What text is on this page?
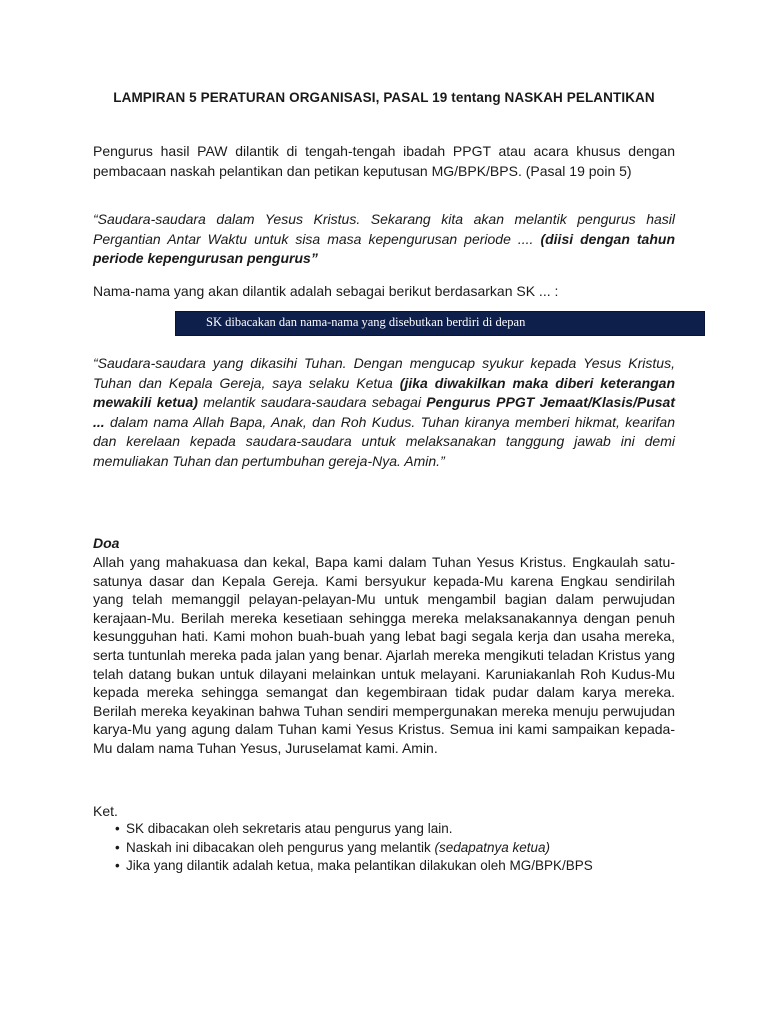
LAMPIRAN 5 PERATURAN ORGANISASI, PASAL 19 tentang NASKAH PELANTIKAN
Pengurus hasil PAW dilantik di tengah-tengah ibadah PPGT atau acara khusus dengan pembacaan naskah pelantikan dan petikan keputusan MG/BPK/BPS. (Pasal 19 poin 5)
“Saudara-saudara dalam Yesus Kristus. Sekarang kita akan melantik pengurus hasil Pergantian Antar Waktu untuk sisa masa kepengurusan periode .... (diisi dengan tahun periode kepengurusan pengurus”
Nama-nama yang akan dilantik adalah sebagai berikut berdasarkan SK ... :
SK dibacakan dan nama-nama yang disebutkan berdiri di depan
“Saudara-saudara yang dikasihi Tuhan. Dengan mengucap syukur kepada Yesus Kristus, Tuhan dan Kepala Gereja, saya selaku Ketua (jika diwakilkan maka diberi keterangan mewakili ketua) melantik saudara-saudara sebagai Pengurus PPGT Jemaat/Klasis/Pusat ... dalam nama Allah Bapa, Anak, dan Roh Kudus. Tuhan kiranya memberi hikmat, kearifan dan kerelaan kepada saudara-saudara untuk melaksanakan tanggung jawab ini demi memuliakan Tuhan dan pertumbuhan gereja-Nya. Amin.”
Doa
Allah yang mahakuasa dan kekal, Bapa kami dalam Tuhan Yesus Kristus. Engkaulah satu-satunya dasar dan Kepala Gereja. Kami bersyukur kepada-Mu karena Engkau sendirilah yang telah memanggil pelayan-pelayan-Mu untuk mengambil bagian dalam perwujudan kerajaan-Mu. Berilah mereka kesetiaan sehingga mereka melaksanakannya dengan penuh kesungguhan hati. Kami mohon buah-buah yang lebat bagi segala kerja dan usaha mereka, serta tuntunlah mereka pada jalan yang benar. Ajarlah mereka mengikuti teladan Kristus yang telah datang bukan untuk dilayani melainkan untuk melayani. Karuniakanlah Roh Kudus-Mu kepada mereka sehingga semangat dan kegembiraan tidak pudar dalam karya mereka. Berilah mereka keyakinan bahwa Tuhan sendiri mempergunakan mereka menuju perwujudan karya-Mu yang agung dalam Tuhan kami Yesus Kristus. Semua ini kami sampaikan kepada-Mu dalam nama Tuhan Yesus, Juruselamat kami. Amin.
Ket.
• SK dibacakan oleh sekretaris atau pengurus yang lain.
• Naskah ini dibacakan oleh pengurus yang melantik (sedapatnya ketua)
• Jika yang dilantik adalah ketua, maka pelantikan dilakukan oleh MG/BPK/BPS
